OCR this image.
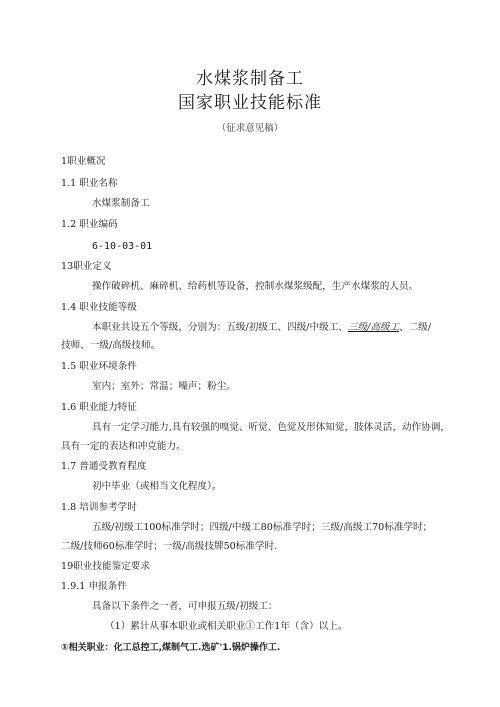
水煤浆制备工
国家职业技能标准
（征求意见稿）
1职业概况
1.1 职业名称
水煤浆制备工
1.2 职业编码
6-10-03-01
13职业定义
操作破碎机、麻碎机、给药机等设备，控制水煤浆级配，生产水煤浆的人员。
1.4 职业技能等级
本职业共设五个等级，分别为：五级/初级工、四级/中级工、三级/高级工、二级/
技师、一级/高级技师。
1.5 职业环境条件
室内；室外；常温；噪声；粉尘。
1.6 职业能力特征
具有一定学习能力,具有较强的嗅觉、听觉、色觉及形体知觉，肢体灵活，动作协调，
具有一定的表达和冲克能力。
1.7 普通受教育程度
初中毕业（或相当文化程度）。
1.8 培训参考学时
五级/初级工100标准学时；四级/中级工80标准学时；三级/高级工70标准学时；
二级/技师60标准学时；一级/高级技牌50标准学时.
19职业技能鉴定要求
1.9.1 申报条件
具备以下条件之一者，可申报五级/初级工：
（1）累计从事本职业或相关职业①工作1年（含）以上。
①相关职业：化工总控工,煤制气工.选矿'1.锅炉操作工.
